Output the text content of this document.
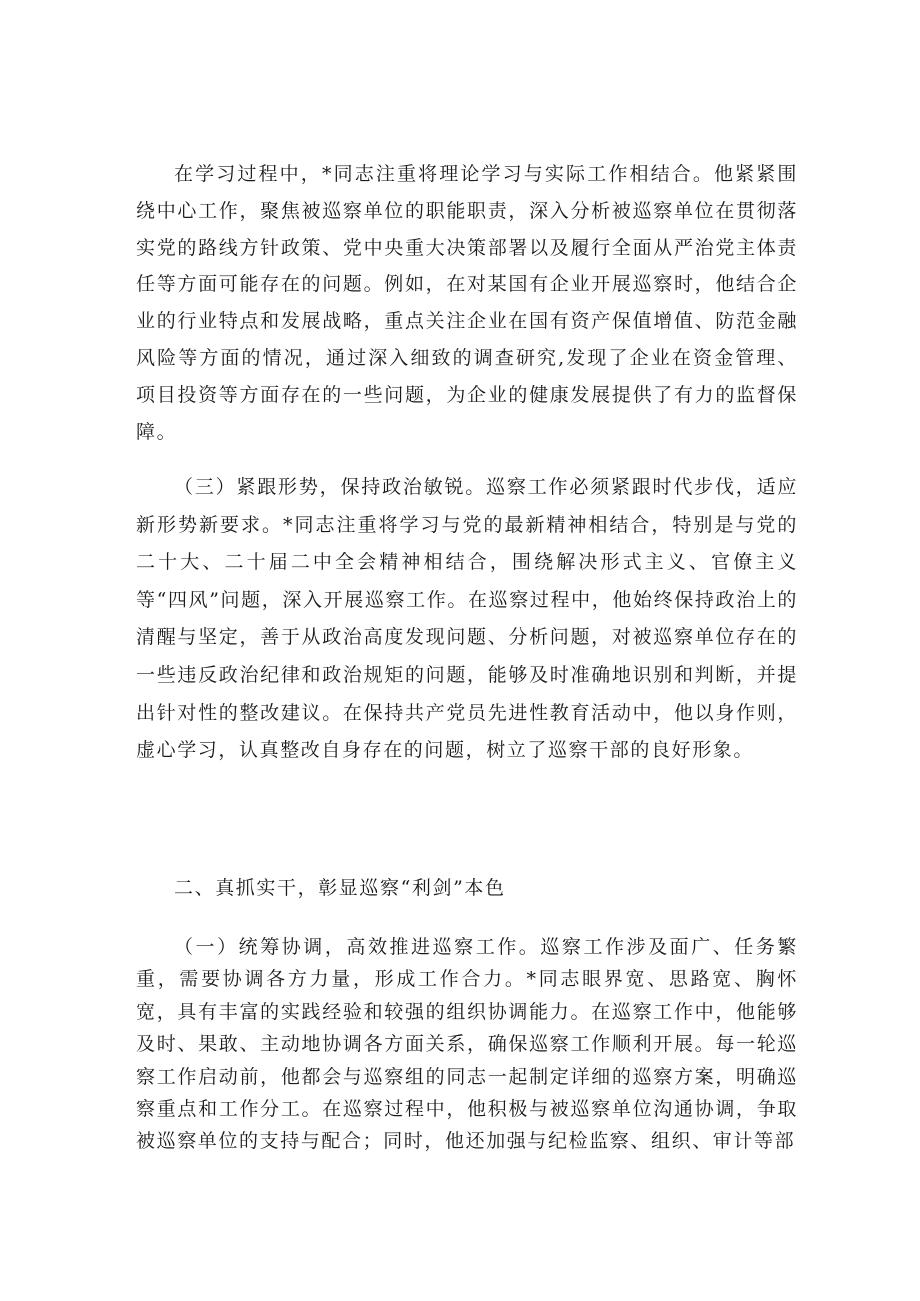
在学习过程中，*同志注重将理论学习与实际工作相结合。他紧紧围绕中心工作，聚焦被巡察单位的职能职责，深入分析被巡察单位在贯彻落实党的路线方针政策、党中央重大决策部署以及履行全面从严治党主体责任等方面可能存在的问题。例如，在对某国有企业开展巡察时，他结合企业的行业特点和发展战略，重点关注企业在国有资产保值增值、防范金融风险等方面的情况，通过深入细致的调查研究,发现了企业在资金管理、项目投资等方面存在的一些问题，为企业的健康发展提供了有力的监督保障。

（三）紧跟形势，保持政治敏锐。巡察工作必须紧跟时代步伐，适应新形势新要求。*同志注重将学习与党的最新精神相结合，特别是与党的二十大、二十届二中全会精神相结合，围绕解决形式主义、官僚主义等“四风”问题，深入开展巡察工作。在巡察过程中，他始终保持政治上的清醒与坚定，善于从政治高度发现问题、分析问题，对被巡察单位存在的一些违反政治纪律和政治规矩的问题，能够及时准确地识别和判断，并提出针对性的整改建议。在保持共产党员先进性教育活动中，他以身作则，虚心学习，认真整改自身存在的问题，树立了巡察干部的良好形象。

二、真抓实干，彰显巡察“利剑”本色

（一）统筹协调，高效推进巡察工作。巡察工作涉及面广、任务繁重，需要协调各方力量，形成工作合力。*同志眼界宽、思路宽、胸怀宽，具有丰富的实践经验和较强的组织协调能力。在巡察工作中，他能够及时、果敢、主动地协调各方面关系，确保巡察工作顺利开展。每一轮巡察工作启动前，他都会与巡察组的同志一起制定详细的巡察方案，明确巡察重点和工作分工。在巡察过程中，他积极与被巡察单位沟通协调，争取被巡察单位的支持与配合；同时，他还加强与纪检监察、组织、审计等部
